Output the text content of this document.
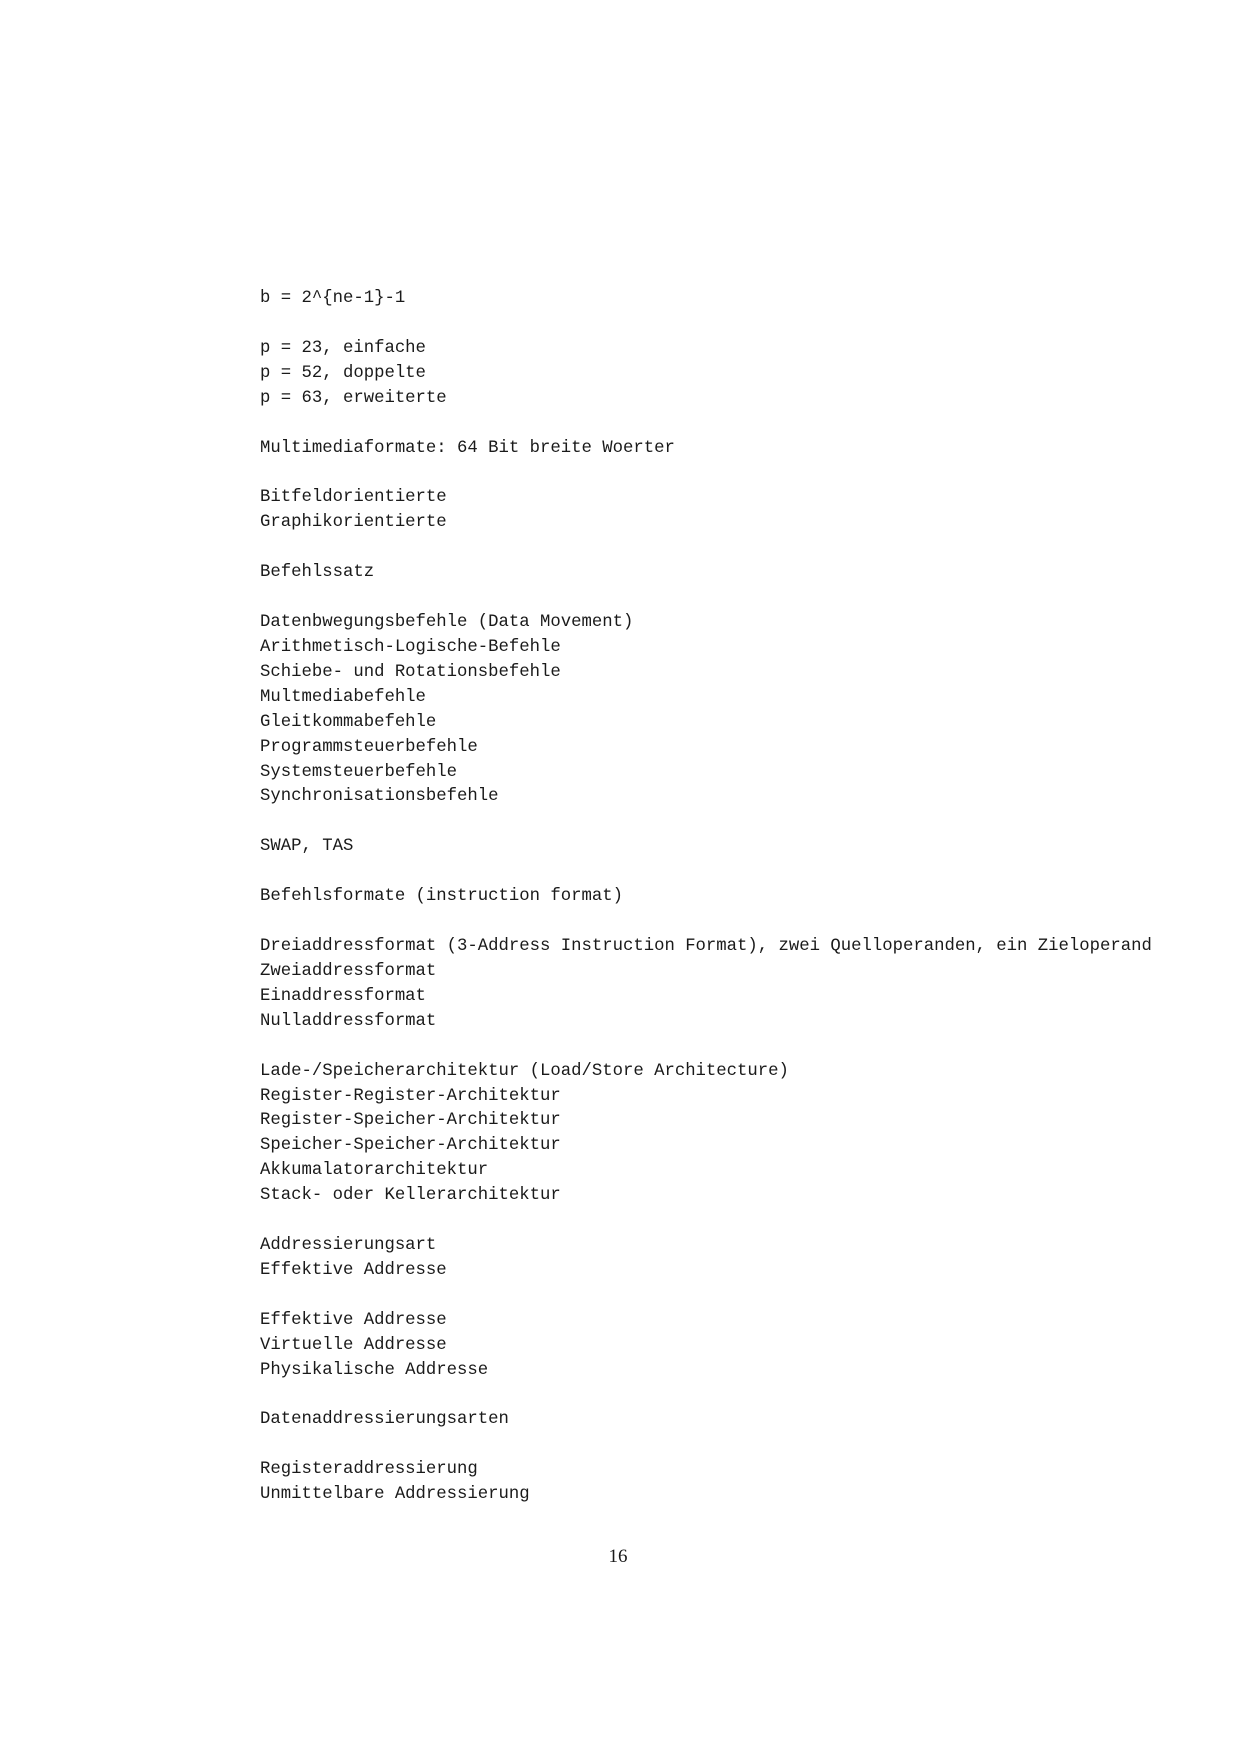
b = 2^{ne-1}-1
p = 23, einfache
p = 52, doppelte
p = 63, erweiterte
Multimediaformate: 64 Bit breite Woerter
Bitfeldorientierte
Graphikorientierte
Befehlssatz
Datenbwegungsbefehle (Data Movement)
Arithmetisch-Logische-Befehle
Schiebe- und Rotationsbefehle
Multmediabefehle
Gleitkommabefehle
Programmsteuerbefehle
Systemsteuerbefehle
Synchronisationsbefehle
SWAP, TAS
Befehlsformate (instruction format)
Dreiaddressformat (3-Address Instruction Format), zwei Quelloperanden, ein Zieloperand
Zweiaddressformat
Einaddressformat
Nulladdressformat
Lade-/Speicherarchitektur (Load/Store Architecture)
Register-Register-Architektur
Register-Speicher-Architektur
Speicher-Speicher-Architektur
Akkumalatorarchitektur
Stack- oder Kellerarchitektur
Addressierungsart
Effektive Addresse
Effektive Addresse
Virtuelle Addresse
Physikalische Addresse
Datenaddressierungsarten
Registeraddressierung
Unmittelbare Addressierung
16
